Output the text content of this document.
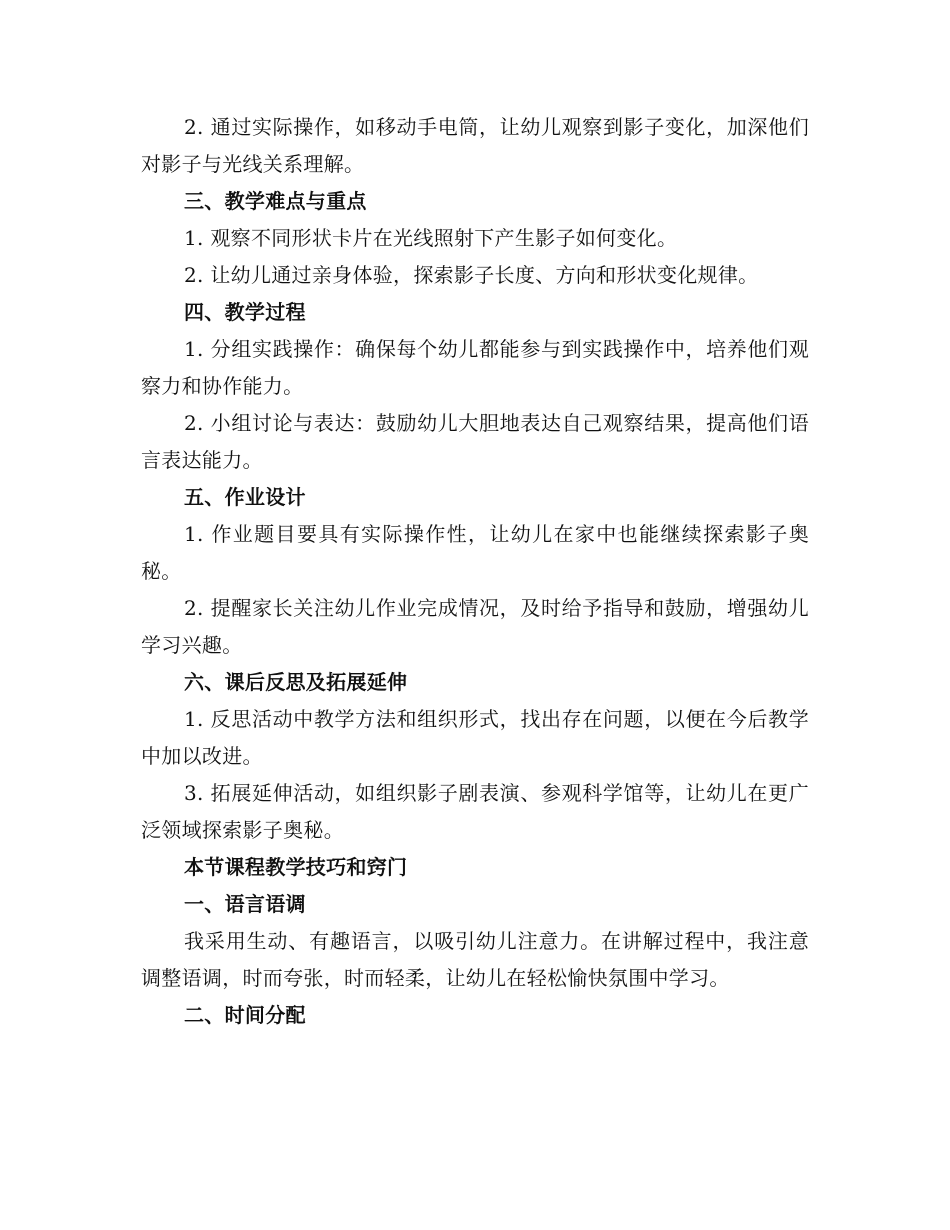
2. 通过实际操作，如移动手电筒，让幼儿观察到影子变化，加深他们对影子与光线关系理解。

三、教学难点与重点

1. 观察不同形状卡片在光线照射下产生影子如何变化。

2. 让幼儿通过亲身体验，探索影子长度、方向和形状变化规律。

四、教学过程

1. 分组实践操作：确保每个幼儿都能参与到实践操作中，培养他们观察力和协作能力。

2. 小组讨论与表达：鼓励幼儿大胆地表达自己观察结果，提高他们语言表达能力。

五、作业设计

1. 作业题目要具有实际操作性，让幼儿在家中也能继续探索影子奥秘。

2. 提醒家长关注幼儿作业完成情况，及时给予指导和鼓励，增强幼儿学习兴趣。

六、课后反思及拓展延伸

1. 反思活动中教学方法和组织形式，找出存在问题，以便在今后教学中加以改进。

3. 拓展延伸活动，如组织影子剧表演、参观科学馆等，让幼儿在更广泛领域探索影子奥秘。

本节课程教学技巧和窍门

一、语言语调

我采用生动、有趣语言，以吸引幼儿注意力。在讲解过程中，我注意调整语调，时而夸张，时而轻柔，让幼儿在轻松愉快氛围中学习。

二、时间分配
